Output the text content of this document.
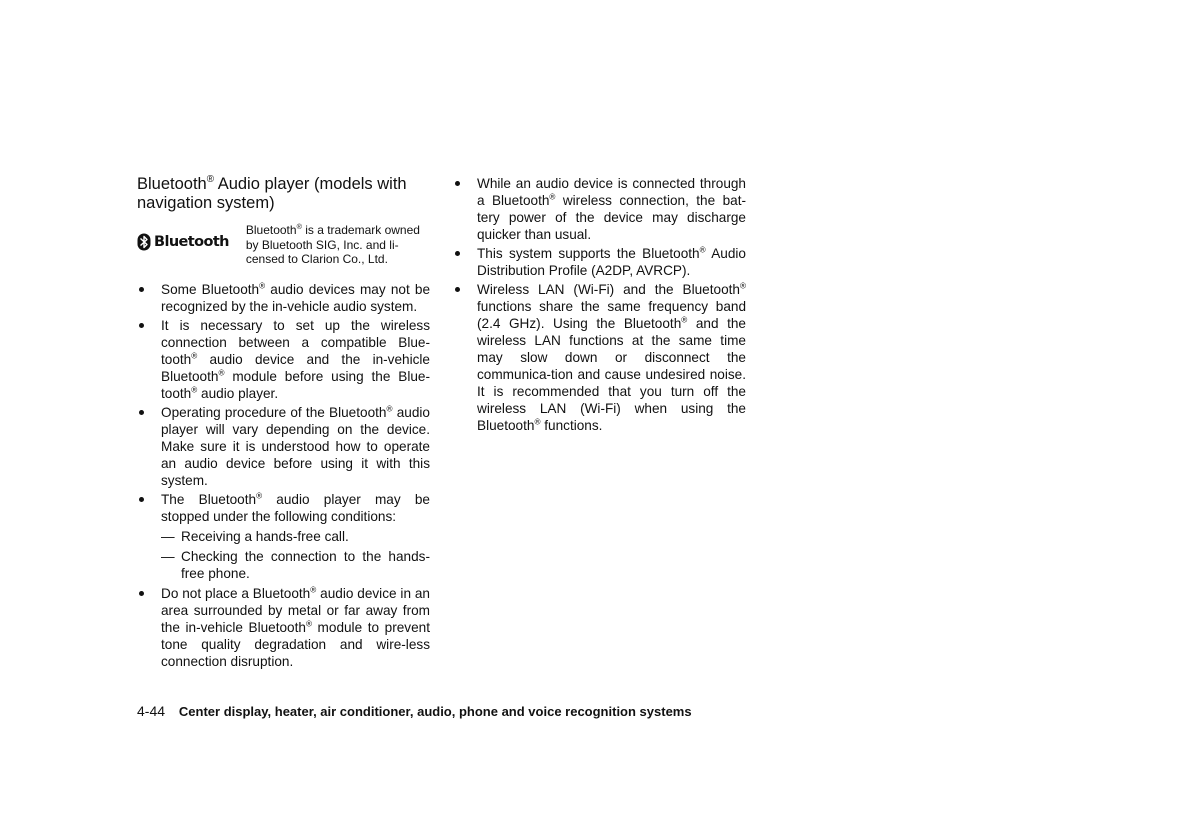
Bluetooth® Audio player (models with navigation system)
Bluetooth
Bluetooth® is a trademark owned by Bluetooth SIG, Inc. and li-censed to Clarion Co., Ltd.
Some Bluetooth® audio devices may not be recognized by the in-vehicle audio system.
It is necessary to set up the wireless connection between a compatible Blue-tooth® audio device and the in-vehicle Bluetooth® module before using the Blue-tooth® audio player.
Operating procedure of the Bluetooth® audio player will vary depending on the device. Make sure it is understood how to operate an audio device before using it with this system.
The Bluetooth® audio player may be stopped under the following conditions:
— Receiving a hands-free call.
— Checking the connection to the hands-free phone.
Do not place a Bluetooth® audio device in an area surrounded by metal or far away from the in-vehicle Bluetooth® module to prevent tone quality degradation and wire-less connection disruption.
While an audio device is connected through a Bluetooth® wireless connection, the bat-tery power of the device may discharge quicker than usual.
This system supports the Bluetooth® Audio Distribution Profile (A2DP, AVRCP).
Wireless LAN (Wi-Fi) and the Bluetooth® functions share the same frequency band (2.4 GHz). Using the Bluetooth® and the wireless LAN functions at the same time may slow down or disconnect the communica-tion and cause undesired noise. It is recommended that you turn off the wireless LAN (Wi-Fi) when using the Bluetooth® functions.
4-44 Center display, heater, air conditioner, audio, phone and voice recognition systems
